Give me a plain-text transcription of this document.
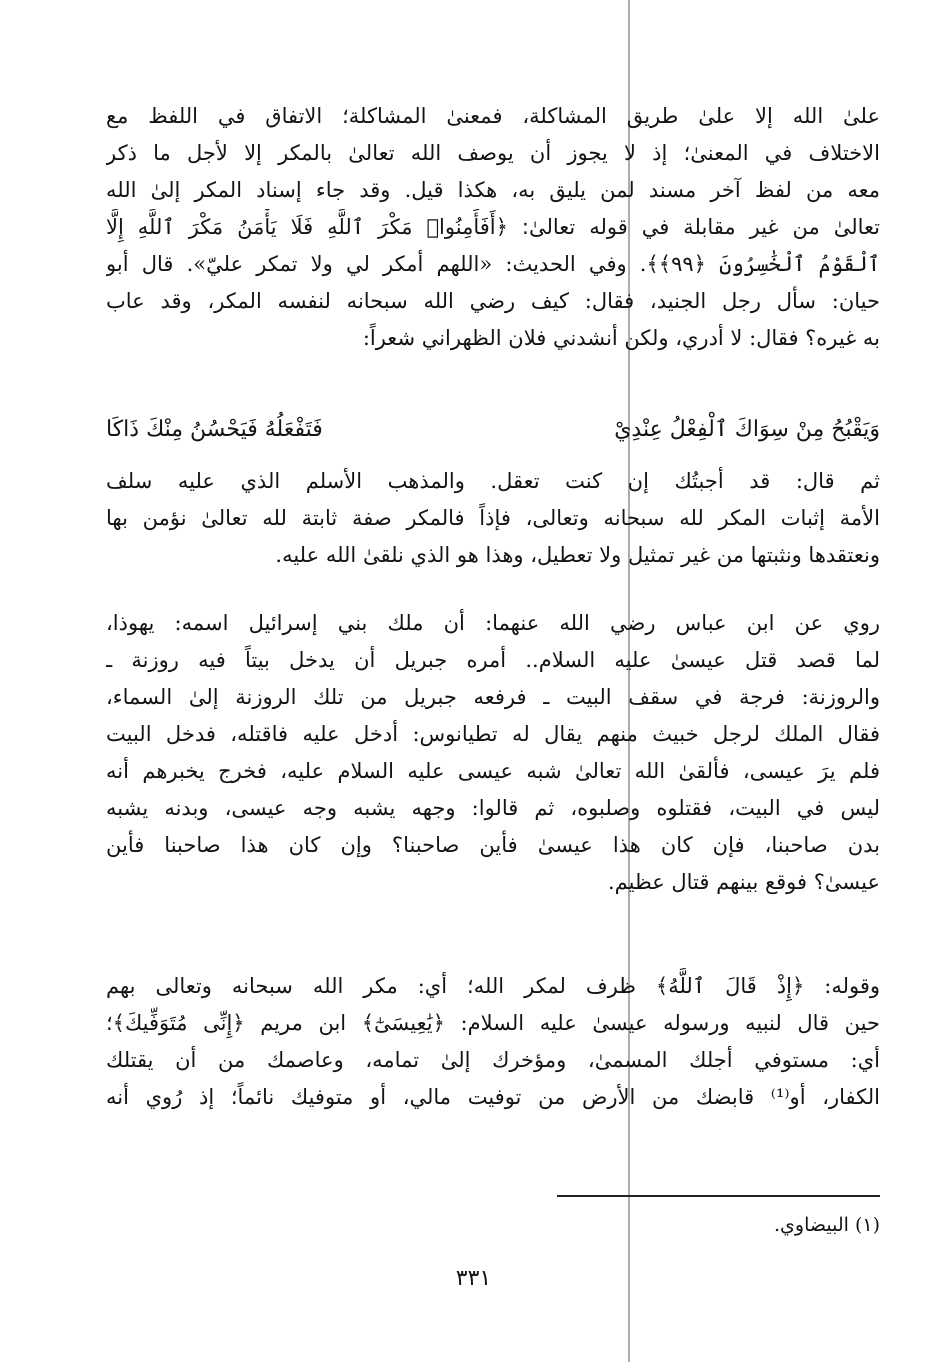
علىٰ الله إلا علىٰ طريق المشاكلة، فمعنىٰ المشاكلة؛ الاتفاق في اللفظ مع
الاختلاف في المعنىٰ؛ إذ لا يجوز أن يوصف الله تعالىٰ بالمكر إلا لأجل ما ذكر
معه من لفظ آخر مسند لمن يليق به، هكذا قيل. وقد جاء إسناد المكر إلىٰ الله
تعالىٰ من غير مقابلة في قوله تعالىٰ: ﴿أَفَأَمِنُوا۟ مَكْرَ ٱللَّهِ فَلَا يَأْمَنُ مَكْرَ ٱللَّهِ إِلَّا
ٱلْقَوْمُ ٱلْخَٰسِرُونَ ﴿٩٩﴾﴾. وفي الحديث: «اللهم أمكر لي ولا تمكر عليّ». قال أبو
حيان: سأل رجل الجنيد، فقال: كيف رضي الله سبحانه لنفسه المكر، وقد عاب
به غيره؟ فقال: لا أدري، ولكن أنشدني فلان الظهراني شعراً:
وَيَقْبُحُ مِنْ سِوَاكَ ٱلْفِعْلُ عِنْدِيْ
فَتَفْعَلُهُ فَيَحْسُنُ مِنْكَ ذَاكَا
ثم قال: قد أجبتُك إن كنت تعقل. والمذهب الأسلم الذي عليه سلف
الأمة إثبات المكر لله سبحانه وتعالى، فإذاً فالمكر صفة ثابتة لله تعالىٰ نؤمن بها
ونعتقدها ونثبتها من غير تمثيل ولا تعطيل، وهذا هو الذي نلقىٰ الله عليه.
روي عن ابن عباس رضي الله عنهما: أن ملك بني إسرائيل اسمه: يهوذا،
لما قصد قتل عيسىٰ عليه السلام.. أمره جبريل أن يدخل بيتاً فيه روزنة ـ
والروزنة: فرجة في سقف البيت ـ فرفعه جبريل من تلك الروزنة إلىٰ السماء،
فقال الملك لرجل خبيث منهم يقال له تطيانوس: أدخل عليه فاقتله، فدخل البيت
فلم يرَ عيسى، فألقىٰ الله تعالىٰ شبه عيسى عليه السلام عليه، فخرج يخبرهم أنه
ليس في البيت، فقتلوه وصلبوه، ثم قالوا: وجهه يشبه وجه عيسى، وبدنه يشبه
بدن صاحبنا، فإن كان هذا عيسىٰ فأين صاحبنا؟ وإن كان هذا صاحبنا فأين
عيسىٰ؟ فوقع بينهم قتال عظيم.
وقوله: ﴿إِذْ قَالَ ٱللَّهُ﴾ ظرف لمكر الله؛ أي: مكر الله سبحانه وتعالى بهم
حين قال لنبيه ورسوله عيسىٰ عليه السلام: ﴿يَٰعِيسَىٰٓ﴾ ابن مريم ﴿إِنِّى مُتَوَفِّيكَ﴾؛
أي: مستوفي أجلك المسمىٰ، ومؤخرك إلىٰ تمامه، وعاصمك من أن يقتلك
الكفار، أو⁽¹⁾ قابضك من الأرض من توفيت مالي، أو متوفيك نائماً؛ إذ رُوي أنه
(١) البيضاوي.
٣٣١
